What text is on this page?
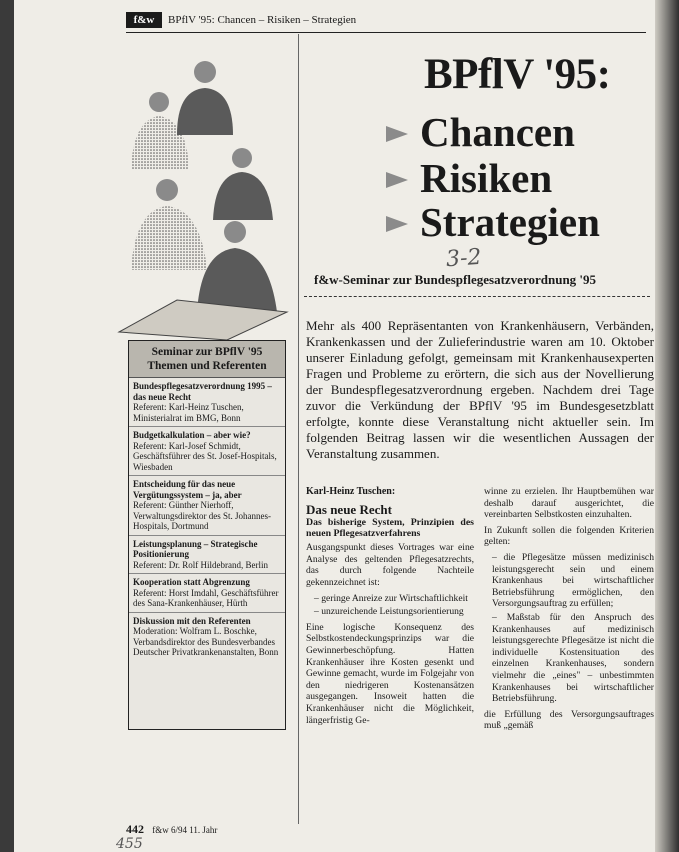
f&w	BPflV '95: Chancen – Risiken – Strategien
Seminar zur BPflV '95 Themen und Referenten
Bundespflegesatzverordnung 1995 – das neue Recht
Referent: Karl-Heinz Tuschen, Ministerialrat im BMG, Bonn
Budgetkalkulation – aber wie?
Referent: Karl-Josef Schmidt, Geschäftsführer des St. Josef-Hospitals, Wiesbaden
Entscheidung für das neue Vergütungssystem – ja, aber
Referent: Günther Nierhoff, Verwaltungsdirektor des St. Johannes-Hospitals, Dortmund
Leistungsplanung – Strategische Positionierung
Referent: Dr. Rolf Hildebrand, Berlin
Kooperation statt Abgrenzung
Referent: Horst Imdahl, Geschäftsführer des Sana-Krankenhäuser, Hürth
Diskussion mit den Referenten
Moderation: Wolfram L. Boschke, Verbandsdirektor des Bundesverbandes Deutscher Privatkrankenanstalten, Bonn
BPflV '95:
Chancen
Risiken
Strategien
3-2
f&w-Seminar zur Bundespflegesatzverordnung '95
Mehr als 400 Repräsentanten von Krankenhäusern, Verbänden, Krankenkassen und der Zulieferindustrie waren am 10. Oktober unserer Einladung gefolgt, gemeinsam mit Krankenhausexperten Fragen und Probleme zu erörtern, die sich aus der Novellierung der Bundespflegesatzverordnung ergeben. Nachdem drei Tage zuvor die Verkündung der BPflV '95 im Bundesgesetzblatt erfolgte, konnte diese Veranstaltung nicht aktueller sein. Im folgenden Beitrag lassen wir die wesentlichen Aussagen der Veranstaltung zusammen.
Karl-Heinz Tuschen:
Das neue Recht
Das bisherige System, Prinzipien des neuen Pflegesatzverfahrens

Ausgangspunkt dieses Vortrages war eine Analyse des geltenden Pflegesatzrechts, das durch folgende Nachteile gekennzeichnet ist:

– geringe Anreize zur Wirtschaftlichkeit
– unzureichende Leistungsorientierung

Eine logische Konsequenz des Selbstkostendeckungsprinzips war die Gewinnerbeschöpfung. Hatten Krankenhäuser ihre Kosten gesenkt und Gewinne gemacht, wurde im Folgejahr von den niedrigeren Kostenansätzen ausgegangen. Insoweit hatten die Krankenhäuser nicht die Möglichkeit, längerfristig Ge-

winne zu erzielen. Ihr Hauptbemühen war deshalb darauf ausgerichtet, die vereinbarten Selbstkosten einzuhalten.

In Zukunft sollen die folgenden Kriterien gelten:

– die Pflegesätze müssen medizinisch leistungsgerecht sein und einem Krankenhaus bei wirtschaftlicher Betriebsführung ermöglichen, den Versorgungsauftrag zu erfüllen;
– Maßstab für den Anspruch des Krankenhauses auf medizinisch leistungsgerechte Pflegesätze ist nicht die individuelle Kostensituation des einzelnen Krankenhauses, sondern vielmehr die „eines" – unbestimmten Krankenhauses bei wirtschaftlicher Betriebsführung.

die Erfüllung des Versorgungsauftrages muß „gemäß

442 f&w 6/94 11. Jahr
455
